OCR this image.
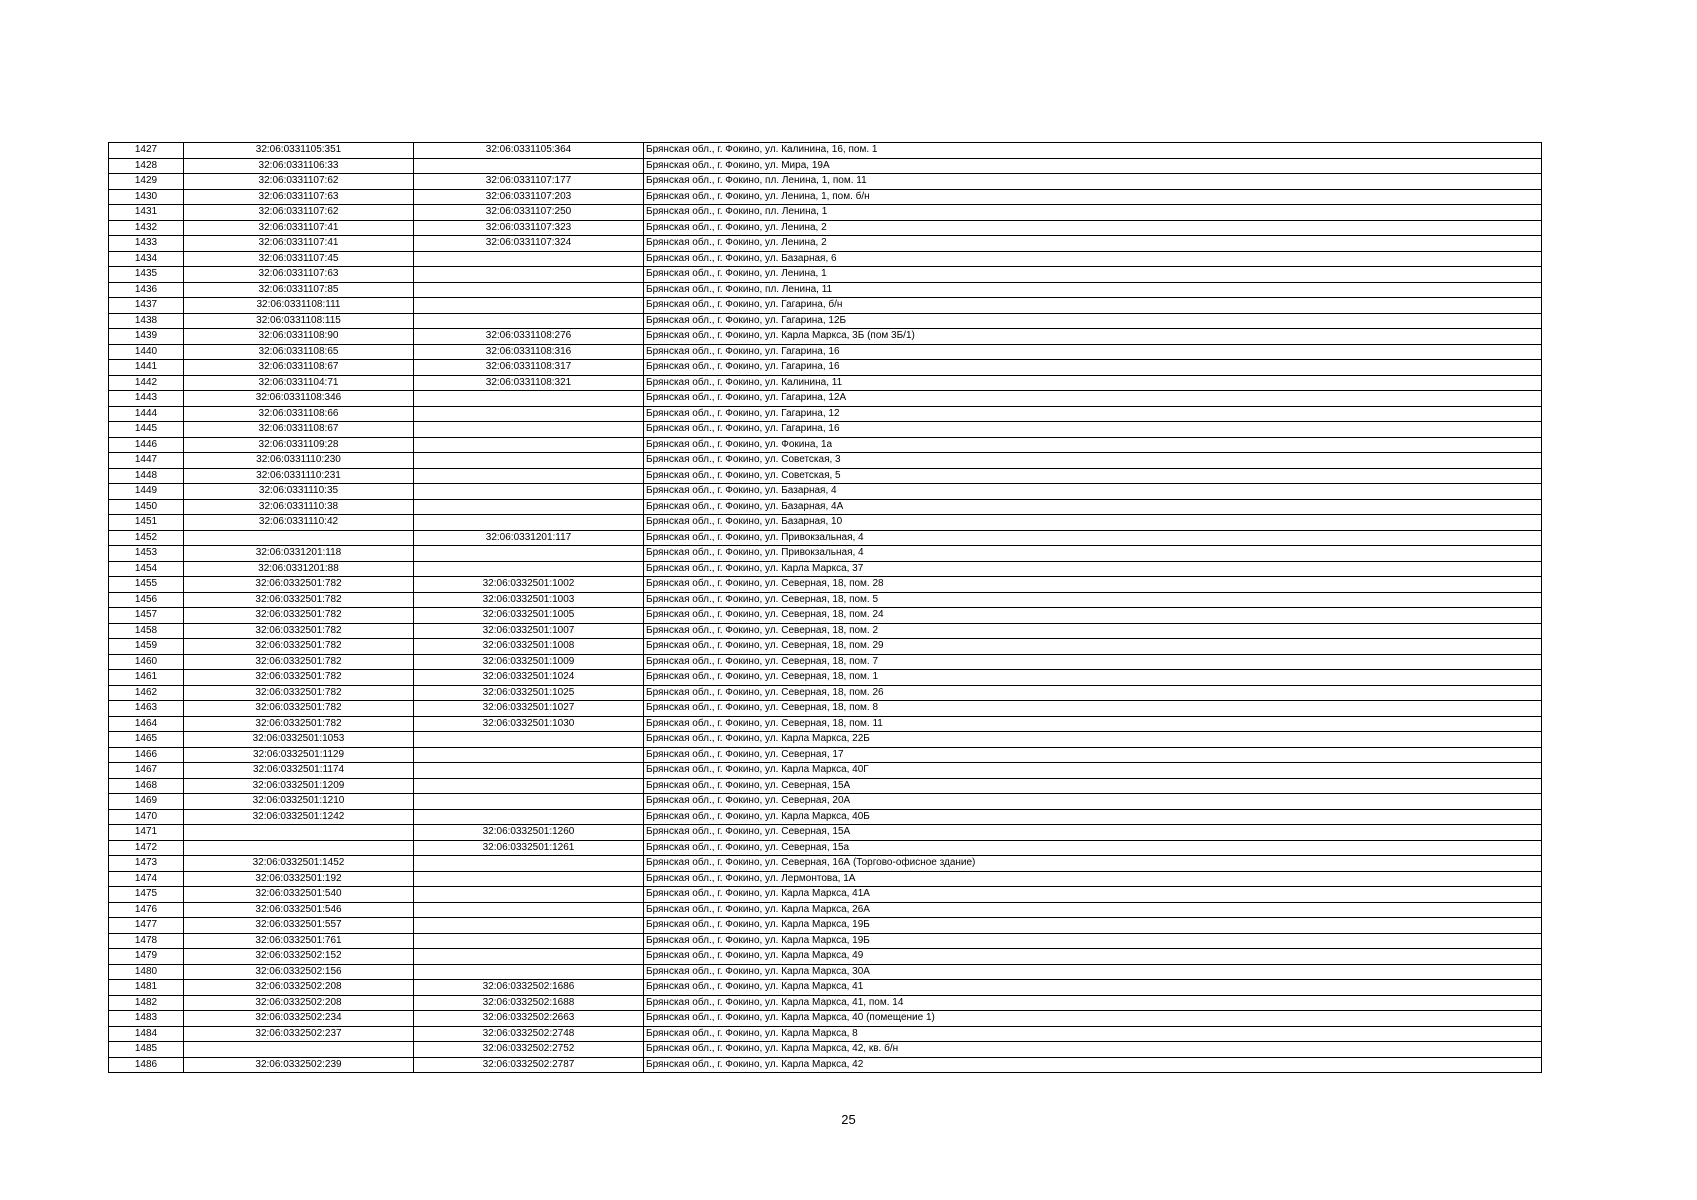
1427	32:06:0331105:351	32:06:0331105:364	Брянская обл., г. Фокино, ул. Калинина, 16, пом. 1
1428	32:06:0331106:33		Брянская обл., г. Фокино, ул. Мира, 19А
1429	32:06:0331107:62	32:06:0331107:177	Брянская обл., г. Фокино, пл. Ленина, 1, пом. 11
1430	32:06:0331107:63	32:06:0331107:203	Брянская обл., г. Фокино, ул. Ленина, 1, пом. б/н
1431	32:06:0331107:62	32:06:0331107:250	Брянская обл., г. Фокино, пл. Ленина, 1
1432	32:06:0331107:41	32:06:0331107:323	Брянская обл., г. Фокино, ул. Ленина, 2
1433	32:06:0331107:41	32:06:0331107:324	Брянская обл., г. Фокино, ул. Ленина, 2
1434	32:06:0331107:45		Брянская обл., г. Фокино, ул. Базарная, 6
1435	32:06:0331107:63		Брянская обл., г. Фокино, ул. Ленина, 1
1436	32:06:0331107:85		Брянская обл., г. Фокино, пл. Ленина, 11
1437	32:06:0331108:111		Брянская обл., г. Фокино, ул. Гагарина, б/н
1438	32:06:0331108:115		Брянская обл., г. Фокино, ул. Гагарина, 12Б
1439	32:06:0331108:90	32:06:0331108:276	Брянская обл., г. Фокино, ул. Карла Маркса, 3Б (пом 3Б/1)
1440	32:06:0331108:65	32:06:0331108:316	Брянская обл., г. Фокино, ул. Гагарина, 16
1441	32:06:0331108:67	32:06:0331108:317	Брянская обл., г. Фокино, ул. Гагарина, 16
1442	32:06:0331104:71	32:06:0331108:321	Брянская обл., г. Фокино, ул. Калинина, 11
1443	32:06:0331108:346		Брянская обл., г. Фокино, ул. Гагарина, 12А
1444	32:06:0331108:66		Брянская обл., г. Фокино, ул. Гагарина, 12
1445	32:06:0331108:67		Брянская обл., г. Фокино, ул. Гагарина, 16
1446	32:06:0331109:28		Брянская обл., г. Фокино, ул. Фокина, 1а
1447	32:06:0331110:230		Брянская обл., г. Фокино, ул. Советская, 3
1448	32:06:0331110:231		Брянская обл., г. Фокино, ул. Советская, 5
1449	32:06:0331110:35		Брянская обл., г. Фокино, ул. Базарная, 4
1450	32:06:0331110:38		Брянская обл., г. Фокино, ул. Базарная, 4А
1451	32:06:0331110:42		Брянская обл., г. Фокино, ул. Базарная, 10
1452		32:06:0331201:117	Брянская обл., г. Фокино, ул. Привокзальная, 4
1453	32:06:0331201:118		Брянская обл., г. Фокино, ул. Привокзальная, 4
1454	32:06:0331201:88		Брянская обл., г. Фокино, ул. Карла Маркса, 37
1455	32:06:0332501:782	32:06:0332501:1002	Брянская обл., г. Фокино, ул. Северная, 18, пом. 28
1456	32:06:0332501:782	32:06:0332501:1003	Брянская обл., г. Фокино, ул. Северная, 18, пом. 5
1457	32:06:0332501:782	32:06:0332501:1005	Брянская обл., г. Фокино, ул. Северная, 18, пом. 24
1458	32:06:0332501:782	32:06:0332501:1007	Брянская обл., г. Фокино, ул. Северная, 18, пом. 2
1459	32:06:0332501:782	32:06:0332501:1008	Брянская обл., г. Фокино, ул. Северная, 18, пом. 29
1460	32:06:0332501:782	32:06:0332501:1009	Брянская обл., г. Фокино, ул. Северная, 18, пом. 7
1461	32:06:0332501:782	32:06:0332501:1024	Брянская обл., г. Фокино, ул. Северная, 18, пом. 1
1462	32:06:0332501:782	32:06:0332501:1025	Брянская обл., г. Фокино, ул. Северная, 18, пом. 26
1463	32:06:0332501:782	32:06:0332501:1027	Брянская обл., г. Фокино, ул. Северная, 18, пом. 8
1464	32:06:0332501:782	32:06:0332501:1030	Брянская обл., г. Фокино, ул. Северная, 18, пом. 11
1465	32:06:0332501:1053		Брянская обл., г. Фокино, ул. Карла Маркса, 22Б
1466	32:06:0332501:1129		Брянская обл., г. Фокино, ул. Северная, 17
1467	32:06:0332501:1174		Брянская обл., г. Фокино, ул. Карла Маркса, 40Г
1468	32:06:0332501:1209		Брянская обл., г. Фокино, ул. Северная, 15А
1469	32:06:0332501:1210		Брянская обл., г. Фокино, ул. Северная, 20А
1470	32:06:0332501:1242		Брянская обл., г. Фокино, ул. Карла Маркса, 40Б
1471		32:06:0332501:1260	Брянская обл., г. Фокино, ул. Северная, 15А
1472		32:06:0332501:1261	Брянская обл., г. Фокино, ул. Северная, 15а
1473	32:06:0332501:1452		Брянская обл., г. Фокино, ул. Северная, 16А (Торгово-офисное здание)
1474	32:06:0332501:192		Брянская обл., г. Фокино, ул. Лермонтова, 1А
1475	32:06:0332501:540		Брянская обл., г. Фокино, ул. Карла Маркса, 41А
1476	32:06:0332501:546		Брянская обл., г. Фокино, ул. Карла Маркса, 26А
1477	32:06:0332501:557		Брянская обл., г. Фокино, ул. Карла Маркса, 19Б
1478	32:06:0332501:761		Брянская обл., г. Фокино, ул. Карла Маркса, 19Б
1479	32:06:0332502:152		Брянская обл., г. Фокино, ул. Карла Маркса, 49
1480	32:06:0332502:156		Брянская обл., г. Фокино, ул. Карла Маркса, 30А
1481	32:06:0332502:208	32:06:0332502:1686	Брянская обл., г. Фокино, ул. Карла Маркса, 41
1482	32:06:0332502:208	32:06:0332502:1688	Брянская обл., г. Фокино, ул. Карла Маркса, 41, пом. 14
1483	32:06:0332502:234	32:06:0332502:2663	Брянская обл., г. Фокино, ул. Карла Маркса, 40 (помещение 1)
1484	32:06:0332502:237	32:06:0332502:2748	Брянская обл., г. Фокино, ул. Карла Маркса, 8
1485		32:06:0332502:2752	Брянская обл., г. Фокино, ул. Карла Маркса, 42, кв. б/н
1486	32:06:0332502:239	32:06:0332502:2787	Брянская обл., г. Фокино, ул. Карла Маркса, 42
25
